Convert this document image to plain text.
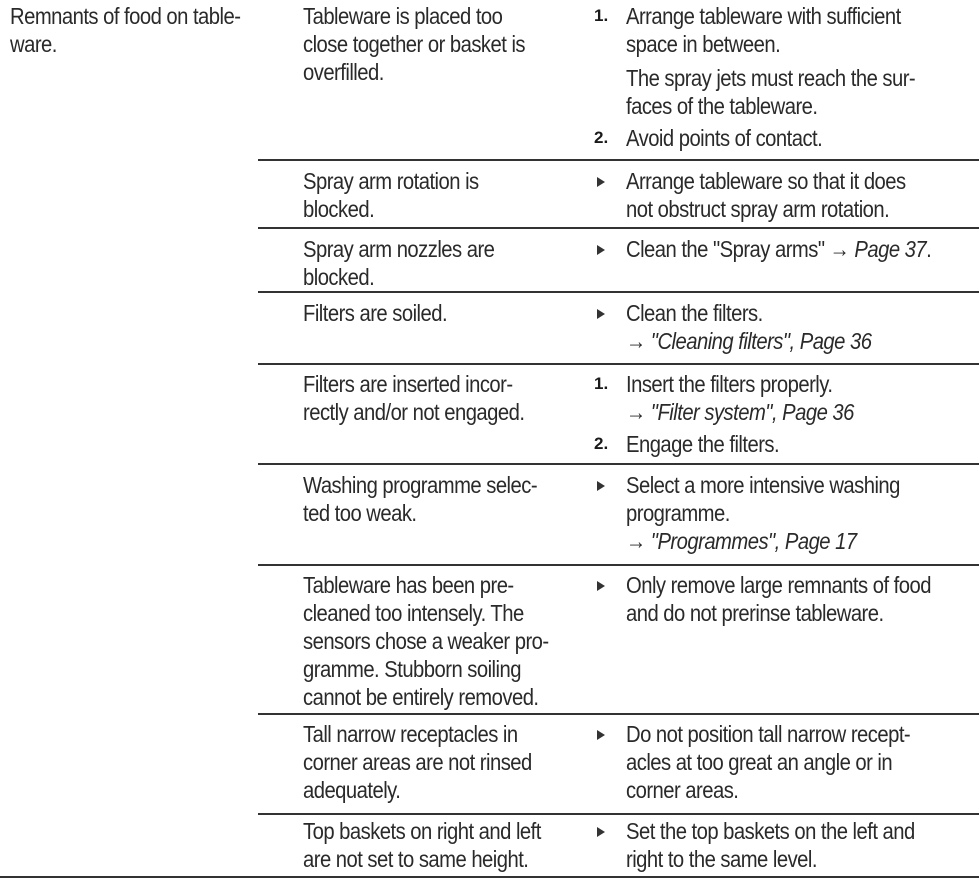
Remnants of food on table-
ware.
Tableware is placed too
close together or basket is
overfilled.
1. Arrange tableware with sufficient
space in between.
The spray jets must reach the sur-
faces of the tableware.
2. Avoid points of contact.
Spray arm rotation is
blocked.
Arrange tableware so that it does
not obstruct spray arm rotation.
Spray arm nozzles are
blocked.
Clean the "Spray arms" → Page 37.
Filters are soiled.	Clean the filters.
→ "Cleaning filters", Page 36
Filters are inserted incor-
rectly and/or not engaged.
1. Insert the filters properly.
→ "Filter system", Page 36
2. Engage the filters.
Washing programme selec-
ted too weak.
Select a more intensive washing
programme.
→ "Programmes", Page 17
Tableware has been pre-
cleaned too intensely. The
sensors chose a weaker pro-
gramme. Stubborn soiling
cannot be entirely removed.
Only remove large remnants of food
and do not prerinse tableware.
Tall narrow receptacles in
corner areas are not rinsed
adequately.
Do not position tall narrow recept-
acles at too great an angle or in
corner areas.
Top baskets on right and left
are not set to same height.
Set the top baskets on the left and
right to the same level.
